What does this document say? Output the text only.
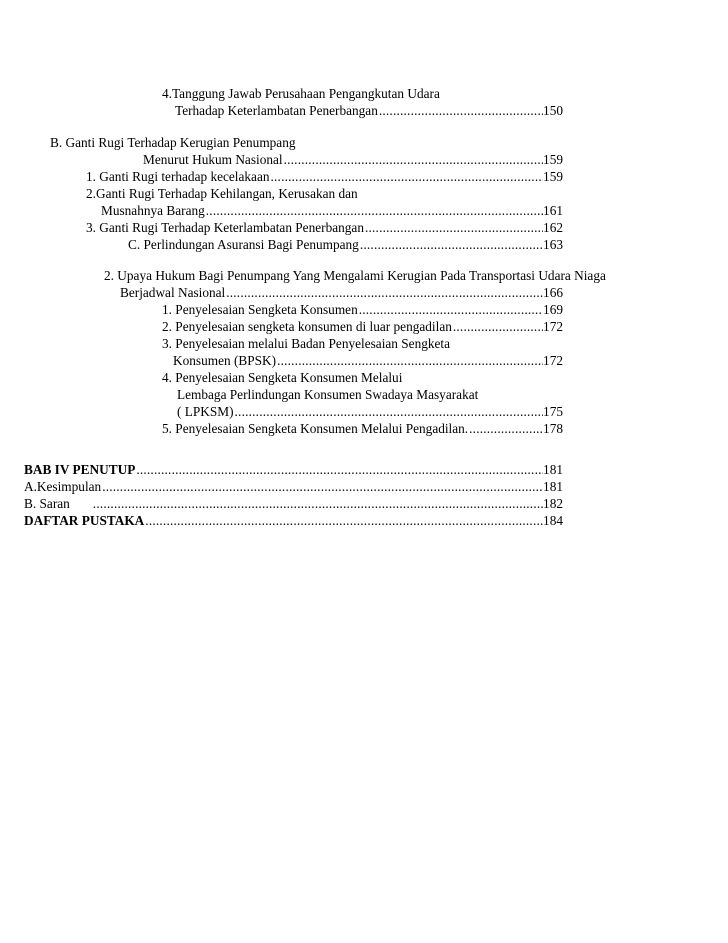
4.Tanggung Jawab Perusahaan Pengangkutan Udara
Terhadap Keterlambatan Penerbangan .....	150
B. Ganti Rugi Terhadap Kerugian Penumpang
Menurut Hukum Nasional .....	159
1. Ganti Rugi terhadap kecelakaan .....	159
2.Ganti Rugi Terhadap Kehilangan, Kerusakan dan
Musnahnya Barang .....	161
3. Ganti Rugi Terhadap Keterlambatan Penerbangan .....	162
C. Perlindungan Asuransi Bagi Penumpang .....	163
2. Upaya Hukum Bagi Penumpang Yang Mengalami Kerugian Pada Transportasi Udara Niaga
Berjadwal Nasional .....	166
1. Penyelesaian Sengketa Konsumen .....	169
2. Penyelesaian sengketa konsumen di luar pengadilan .....	172
3. Penyelesaian melalui Badan Penyelesaian Sengketa
Konsumen (BPSK) .....	172
4. Penyelesaian Sengketa Konsumen Melalui
Lembaga Perlindungan Konsumen Swadaya Masyarakat
( LPKSM) .....	175
5. Penyelesaian Sengketa Konsumen Melalui Pengadilan. .....	178
BAB IV PENUTUP .....	181
A.Kesimpulan .....	181
B. Saran .....	182
DAFTAR PUSTAKA .....	184
